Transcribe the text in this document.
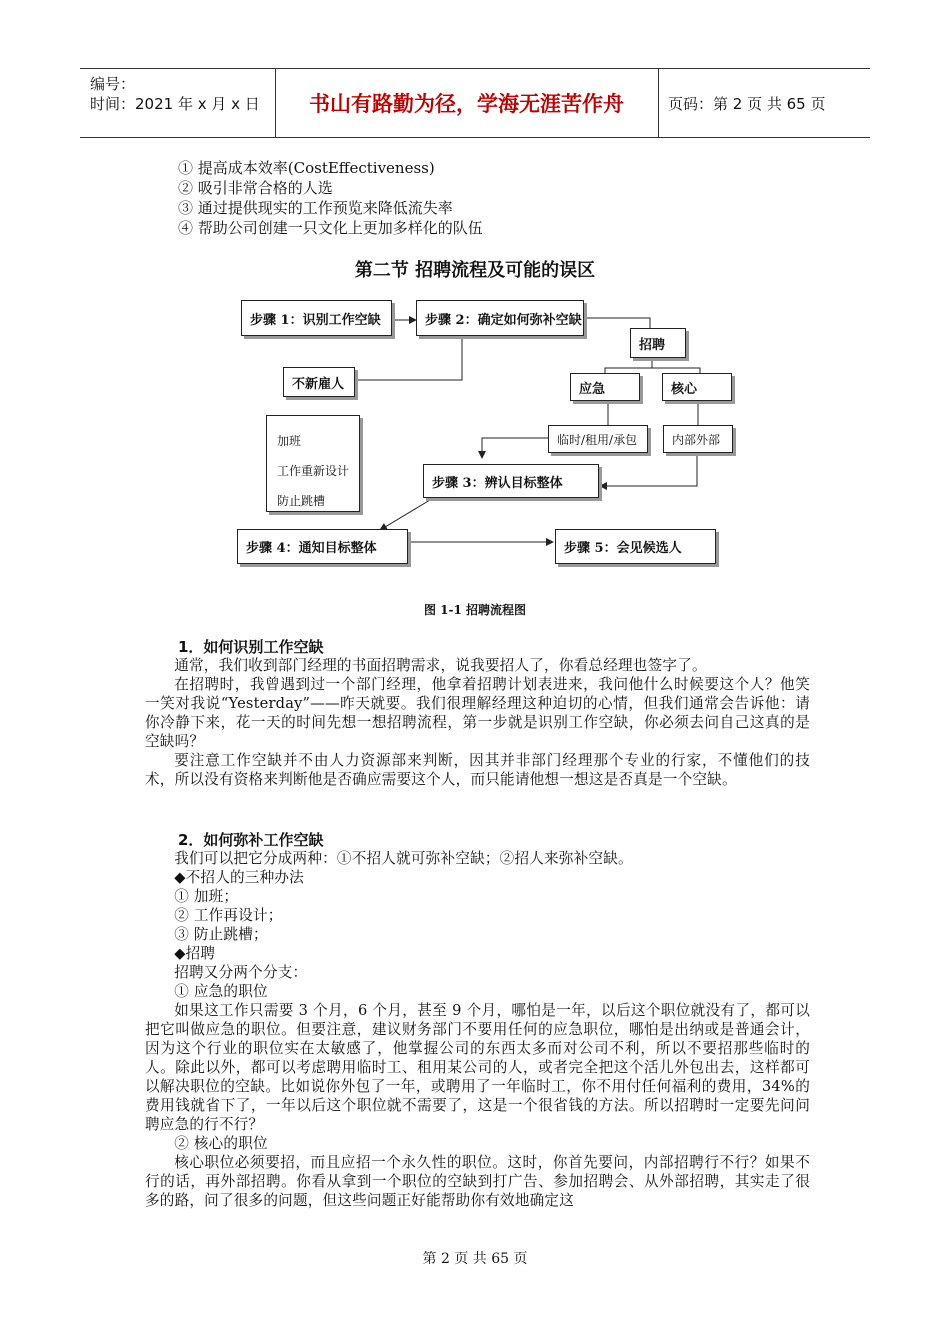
编号：
时间：2021 年 x 月 x 日	书山有路勤为径，学海无涯苦作舟	页码：第 2 页 共 65 页
① 提高成本效率(CostEffectiveness)
② 吸引非常合格的人选
③ 通过提供现实的工作预览来降低流失率
④ 帮助公司创建一只文化上更加多样化的队伍
第二节 招聘流程及可能的误区
步骤 1：识别工作空缺	步骤 2：确定如何弥补空缺
招聘
不新雇人	应急	核心
加班
工作重新设计
防止跳槽
临时/租用/承包	内部外部
步骤 3：辨认目标整体
步骤 4：通知目标整体	步骤 5：会见候选人
图 1-1 招聘流程图
1．如何识别工作空缺

通常，我们收到部门经理的书面招聘需求，说我要招人了，你看总经理也签字了。

在招聘时，我曾遇到过一个部门经理，他拿着招聘计划表进来，我问他什么时候要这个人？他笑一笑对我说“Yesterday”——昨天就要。我们很理解经理这种迫切的心情，但我们通常会告诉他：请你冷静下来，花一天的时间先想一想招聘流程，第一步就是识别工作空缺，你必须去问自己这真的是空缺吗？

要注意工作空缺并不由人力资源部来判断，因其并非部门经理那个专业的行家，不懂他们的技术，所以没有资格来判断他是否确应需要这个人，而只能请他想一想这是否真是一个空缺。

2．如何弥补工作空缺

我们可以把它分成两种：①不招人就可弥补空缺；②招人来弥补空缺。

◆不招人的三种办法

① 加班；

② 工作再设计；

③ 防止跳槽；

◆招聘

招聘又分两个分支：

① 应急的职位

如果这工作只需要 3 个月，6 个月，甚至 9 个月，哪怕是一年，以后这个职位就没有了，都可以把它叫做应急的职位。但要注意，建议财务部门不要用任何的应急职位，哪怕是出纳或是普通会计，因为这个行业的职位实在太敏感了，他掌握公司的东西太多而对公司不利，所以不要招那些临时的人。除此以外，都可以考虑聘用临时工、租用某公司的人，或者完全把这个活儿外包出去，这样都可以解决职位的空缺。比如说你外包了一年，或聘用了一年临时工，你不用付任何福利的费用，34%的费用钱就省下了，一年以后这个职位就不需要了，这是一个很省钱的方法。所以招聘时一定要先问问聘应急的行不行？

② 核心的职位

核心职位必须要招，而且应招一个永久性的职位。这时，你首先要问，内部招聘行不行？如果不行的话，再外部招聘。你看从拿到一个职位的空缺到打广告、参加招聘会、从外部招聘，其实走了很多的路，问了很多的问题，但这些问题正好能帮助你有效地确定这

第 2 页 共 65 页
